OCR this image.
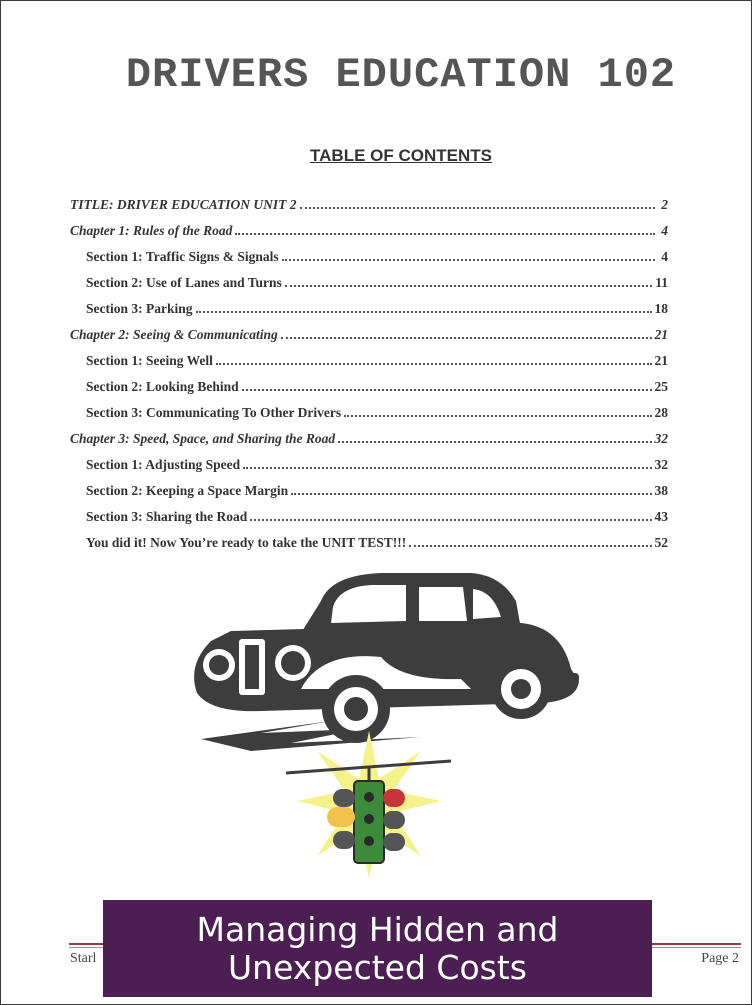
DRIVERS EDUCATION 102
TABLE OF CONTENTS
TITLE: DRIVER EDUCATION UNIT 2	2
Chapter 1: Rules of the Road	4
Section 1: Traffic Signs & Signals	4
Section 2: Use of Lanes and Turns	11
Section 3: Parking	18
Chapter 2: Seeing & Communicating	21
Section 1: Seeing Well	21
Section 2: Looking Behind	25
Section 3: Communicating To Other Drivers	28
Chapter 3: Speed, Space, and Sharing the Road	32
Section 1: Adjusting Speed	32
Section 2: Keeping a Space Margin	38
Section 3: Sharing the Road	43
You did it! Now You’re ready to take the UNIT TEST!!!	52
Starl	Page 2
Managing Hidden and Unexpected Costs
